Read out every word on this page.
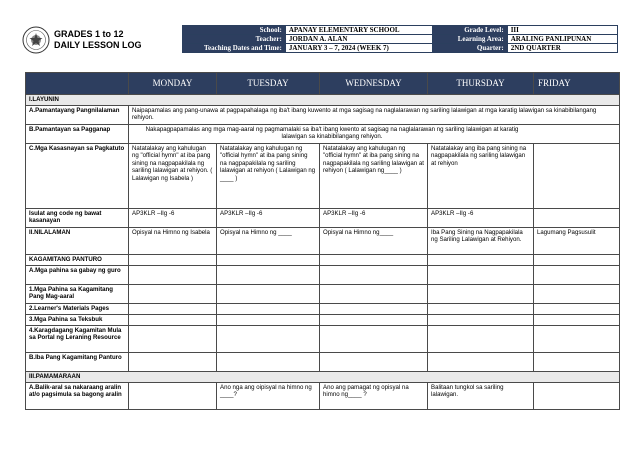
GRADES 1 to 12
DAILY LESSON LOG
School:	APANAY ELEMENTARY SCHOOL	Grade Level:	III
Teacher:	JORDAN A. ALAN	Learning Area:	ARALING PANLIPUNAN
Teaching Dates and Time:	JANUARY 3 – 7, 2024 (WEEK 7)	Quarter:	2ND QUARTER
	MONDAY	TUESDAY	WEDNESDAY	THURSDAY	FRIDAY
I.LAYUNIN					
A.Pamantayang Pangnilalaman	Naipapamalas ang pang-unawa at pagpapahalaga ng iba't ibang kuwento at mga sagisag na naglalarawan ng sariling lalawigan at mga karatig lalawigan sa kinabibilangang rehiyon.				
B.Pamantayan sa Pagganap	Nakapagpapamalas ang mga mag-aaral ng pagmamalaki sa iba't ibang kwento at sagisag na naglalarawan ng sariling lalawigan at karatig lalawigan sa kinabibilangang rehiyon.				
C.Mga Kasasnayan sa Pagkatuto	Natatalakay ang kahulugan ng "official hymn" at iba pang sining na nagpapakilala ng sariling lalawigan at rehiyon. ( Lalawigan ng Isabela )	Natatalakay ang kahulugan ng "official hymn" at iba pang sining na nagpapakilala ng sariling lalawigan at rehiyon ( Lalawigan ng ____ )	Natatalakay ang kahulugan ng "official hymn" at iba pang sining na nagpapakilala ng sariling lalawigan at rehiyon ( Lalawigan ng____ )	Natatalakay ang iba pang sining na nagpapakilala ng sariling lalawigan at rehiyon	
Isulat ang code ng bawat kasanayan	AP3KLR –IIg -6	AP3KLR –IIg -6	AP3KLR –IIg -6	AP3KLR –IIg -6	
II.NILALAMAN	Opisyal na Himno ng Isabela	Opisyal na Himno ng ____	Opisyal na Himno ng____	Iba Pang Sining na Nagpapakilala ng Sariling Lalawigan at Rehiyon.	Lagumang Pagsusulit
KAGAMITANG PANTURO					
A.Mga pahina sa gabay ng guro					
1.Mga Pahina sa Kagamitang Pang Mag-aaral					
2.Learner's Materials Pages					
3.Mga Pahina sa Teksbuk					
4.Karagdagang Kagamitan Mula sa Portal ng Leraning Resource					
B.Iba Pang Kagamitang Panturo					
III.PAMAMARAAN					
A.Balik-aral sa nakaraang aralin at/o pagsimula sa bagong aralin		Ano nga ang oipisyal na himno ng ____?	Ano ang pamagat ng opisyal na himno ng____ ?	Balitaan tungkol sa sariling lalawigan.	
